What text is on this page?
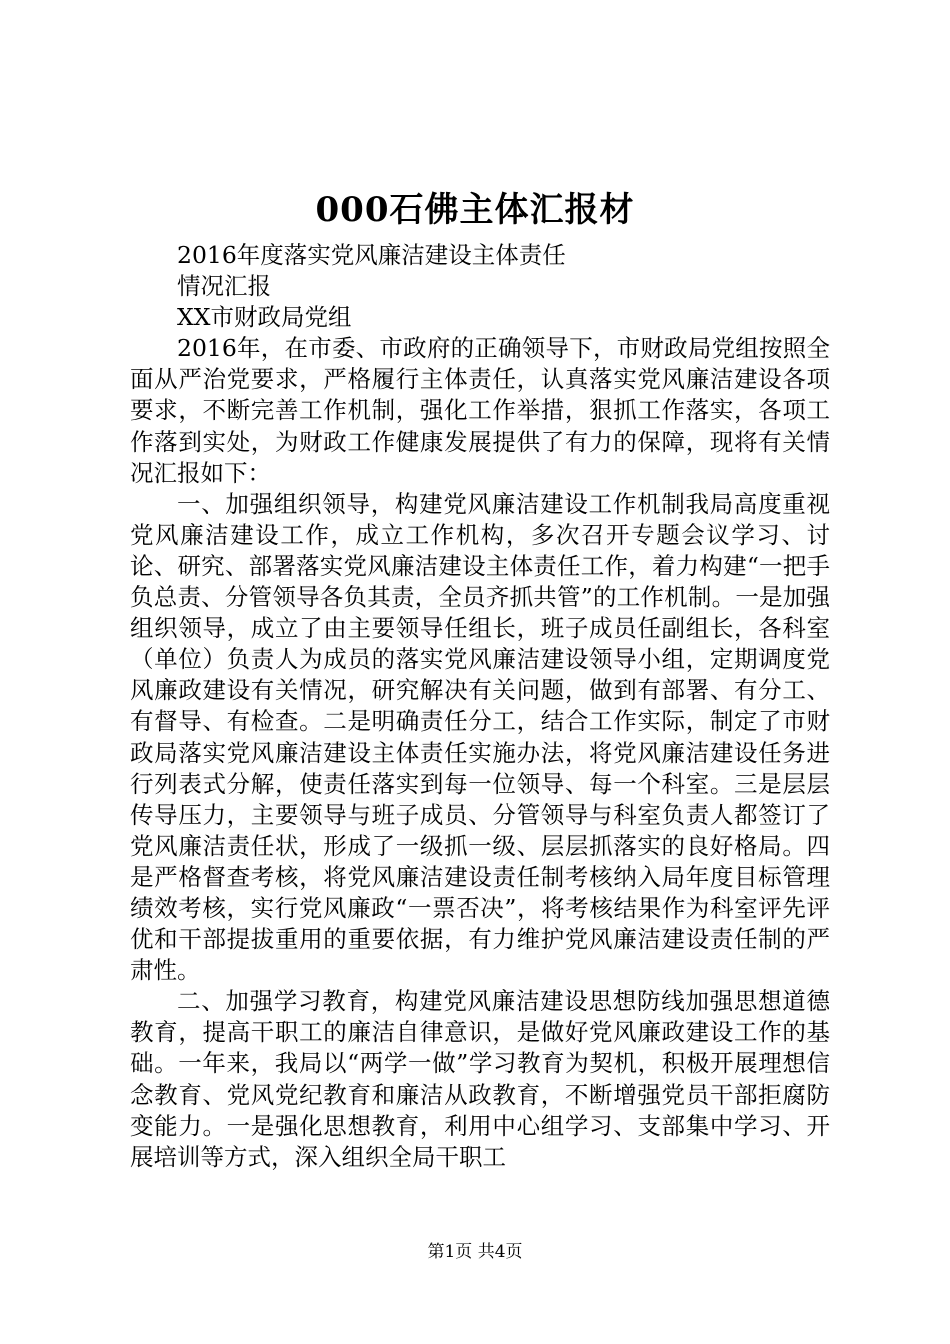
000石佛主体汇报材

2016年度落实党风廉洁建设主体责任

情况汇报

XX市财政局党组

2016年，在市委、市政府的正确领导下，市财政局党组按照全面从严治党要求，严格履行主体责任，认真落实党风廉洁建设各项要求，不断完善工作机制，强化工作举措，狠抓工作落实，各项工作落到实处，为财政工作健康发展提供了有力的保障，现将有关情况汇报如下：

一、加强组织领导，构建党风廉洁建设工作机制我局高度重视党风廉洁建设工作，成立工作机构，多次召开专题会议学习、讨论、研究、部署落实党风廉洁建设主体责任工作，着力构建“一把手负总责、分管领导各负其责，全员齐抓共管”的工作机制。一是加强组织领导，成立了由主要领导任组长，班子成员任副组长，各科室（单位）负责人为成员的落实党风廉洁建设领导小组，定期调度党风廉政建设有关情况，研究解决有关问题，做到有部署、有分工、有督导、有检查。二是明确责任分工，结合工作实际，制定了市财政局落实党风廉洁建设主体责任实施办法，将党风廉洁建设任务进行列表式分解，使责任落实到每一位领导、每一个科室。三是层层传导压力，主要领导与班子成员、分管领导与科室负责人都签订了党风廉洁责任状，形成了一级抓一级、层层抓落实的良好格局。四是严格督查考核，将党风廉洁建设责任制考核纳入局年度目标管理绩效考核，实行党风廉政“一票否决”，将考核结果作为科室评先评优和干部提拔重用的重要依据，有力维护党风廉洁建设责任制的严肃性。

二、加强学习教育，构建党风廉洁建设思想防线加强思想道德教育，提高干职工的廉洁自律意识，是做好党风廉政建设工作的基础。一年来，我局以“两学一做”学习教育为契机，积极开展理想信念教育、党风党纪教育和廉洁从政教育，不断增强党员干部拒腐防变能力。一是强化思想教育，利用中心组学习、支部集中学习、开展培训等方式，深入组织全局干职工

第1页 共4页
